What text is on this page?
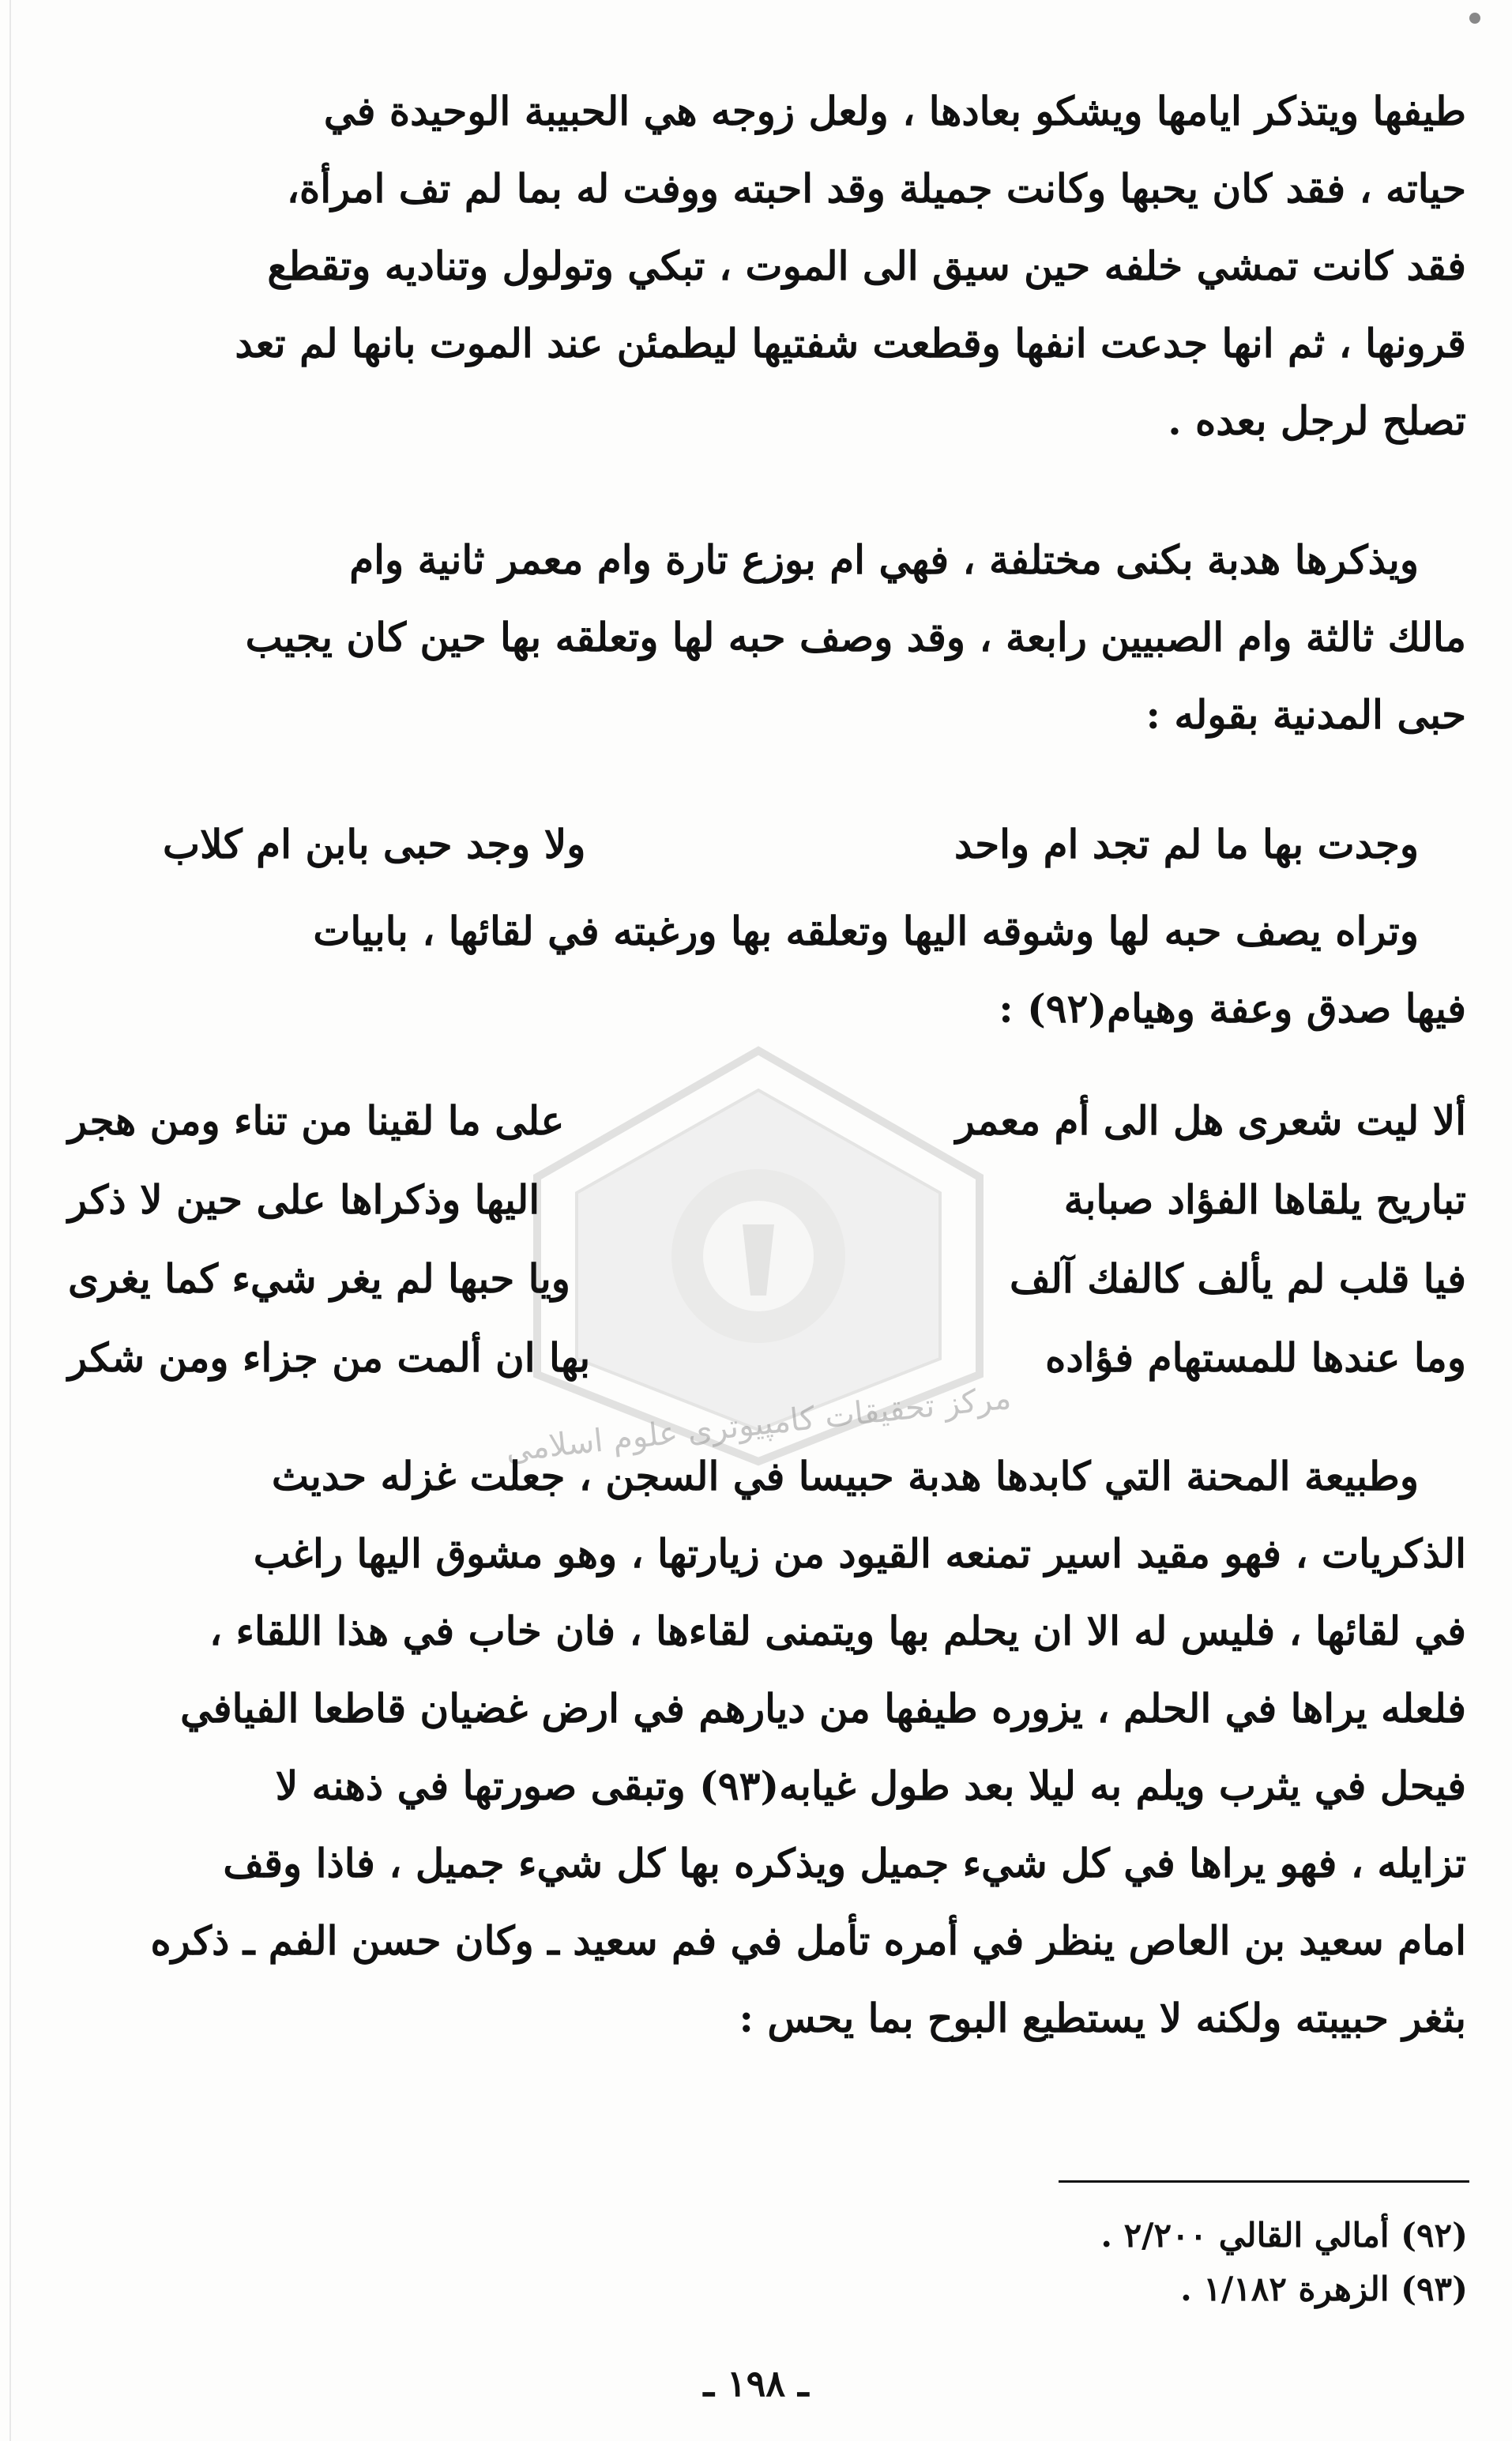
مركز تحقیقات کامپیوتری علوم اسلامی
طيفها ويتذكر ايامها ويشكو بعادها ، ولعل زوجه هي الحبيبة الوحيدة في
حياته ، فقد كان يحبها وكانت جميلة وقد احبته ووفت له بما لم تف امرأة،
فقد كانت تمشي خلفه حين سيق الى الموت ، تبكي وتولول وتناديه وتقطع
قرونها ، ثم انها جدعت انفها وقطعت شفتيها ليطمئن عند الموت بانها لم تعد
تصلح لرجل بعده .
ويذكرها هدبة بكنى مختلفة ، فهي ام بوزع تارة وام معمر ثانية وام
مالك ثالثة وام الصبيين رابعة ، وقد وصف حبه لها وتعلقه بها حين كان يجيب
حبى المدنية بقوله :
وجدت بها ما لم تجد ام واحد
ولا وجد حبى بابن ام كلاب
وتراه يصف حبه لها وشوقه اليها وتعلقه بها ورغبته في لقائها ، بابيات
فيها صدق وعفة وهيام(٩٢) :
ألا ليت شعرى هل الى أم معمر
على ما لقينا من تناء ومن هجر
تباريح يلقاها الفؤاد صبابة
اليها وذكراها على حين لا ذكر
فيا قلب لم يألف كالفك آلف
ويا حبها لم يغر شيء كما يغرى
وما عندها للمستهام فؤاده
بها ان ألمت من جزاء ومن شكر
وطبيعة المحنة التي كابدها هدبة حبيسا في السجن ، جعلت غزله حديث
الذكريات ، فهو مقيد اسير تمنعه القيود من زيارتها ، وهو مشوق اليها راغب
في لقائها ، فليس له الا ان يحلم بها ويتمنى لقاءها ، فان خاب في هذا اللقاء ،
فلعله يراها في الحلم ، يزوره طيفها من ديارهم في ارض غضيان قاطعا الفيافي
فيحل في يثرب ويلم به ليلا بعد طول غيابه(٩٣) وتبقى صورتها في ذهنه لا
تزايله ، فهو يراها في كل شيء جميل ويذكره بها كل شيء جميل ، فاذا وقف
امام سعيد بن العاص ينظر في أمره تأمل في فم سعيد ـ وكان حسن الفم ـ ذكره
بثغر حبيبته ولكنه لا يستطيع البوح بما يحس :
(٩٢) أمالي القالي ٢/٢٠٠ .
(٩٣) الزهرة ١/١٨٢ .
ـ ١٩٨ ـ
